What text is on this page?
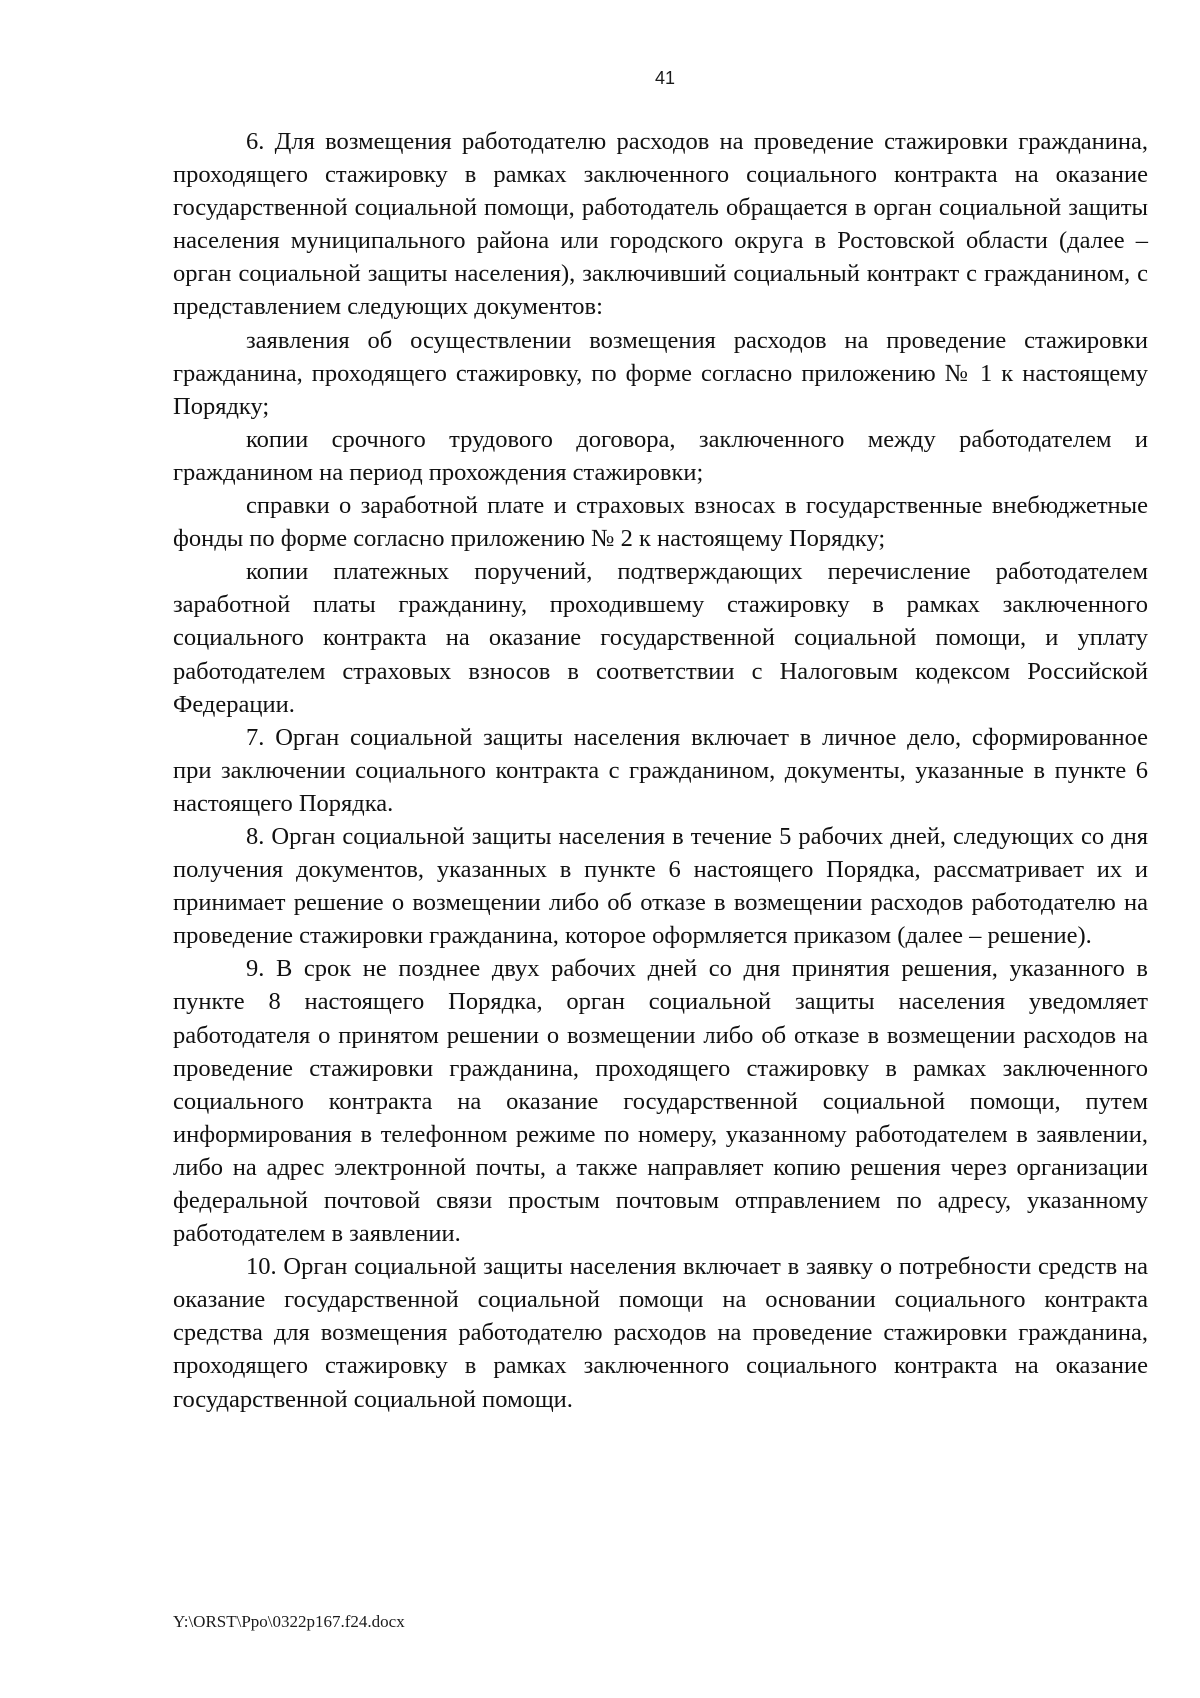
41

6. Для возмещения работодателю расходов на проведение стажировки гражданина, проходящего стажировку в рамках заключенного социального контракта на оказание государственной социальной помощи, работодатель обращается в орган социальной защиты населения муниципального района или городского округа в Ростовской области (далее – орган социальной защиты населения), заключивший социальный контракт с гражданином, с представлением следующих документов:

заявления об осуществлении возмещения расходов на проведение стажировки гражданина, проходящего стажировку, по форме согласно приложению № 1 к настоящему Порядку;

копии срочного трудового договора, заключенного между работодателем и гражданином на период прохождения стажировки;

справки о заработной плате и страховых взносах в государственные внебюджетные фонды по форме согласно приложению № 2 к настоящему Порядку;

копии платежных поручений, подтверждающих перечисление работодателем заработной платы гражданину, проходившему стажировку в рамках заключенного социального контракта на оказание государственной социальной помощи, и уплату работодателем страховых взносов в соответствии с Налоговым кодексом Российской Федерации.

7. Орган социальной защиты населения включает в личное дело, сформированное при заключении социального контракта с гражданином, документы, указанные в пункте 6 настоящего Порядка.

8. Орган социальной защиты населения в течение 5 рабочих дней, следующих со дня получения документов, указанных в пункте 6 настоящего Порядка, рассматривает их и принимает решение о возмещении либо об отказе в возмещении расходов работодателю на проведение стажировки гражданина, которое оформляется приказом (далее – решение).

9. В срок не позднее двух рабочих дней со дня принятия решения, указанного в пункте 8 настоящего Порядка, орган социальной защиты населения уведомляет работодателя о принятом решении о возмещении либо об отказе в возмещении расходов на проведение стажировки гражданина, проходящего стажировку в рамках заключенного социального контракта на оказание государственной социальной помощи, путем информирования в телефонном режиме по номеру, указанному работодателем в заявлении, либо на адрес электронной почты, а также направляет копию решения через организации федеральной почтовой связи простым почтовым отправлением по адресу, указанному работодателем в заявлении.

10. Орган социальной защиты населения включает в заявку о потребности средств на оказание государственной социальной помощи на основании социального контракта средства для возмещения работодателю расходов на проведение стажировки гражданина, проходящего стажировку в рамках заключенного социального контракта на оказание государственной социальной помощи.

Y:\ORST\Ppo\0322p167.f24.docx
